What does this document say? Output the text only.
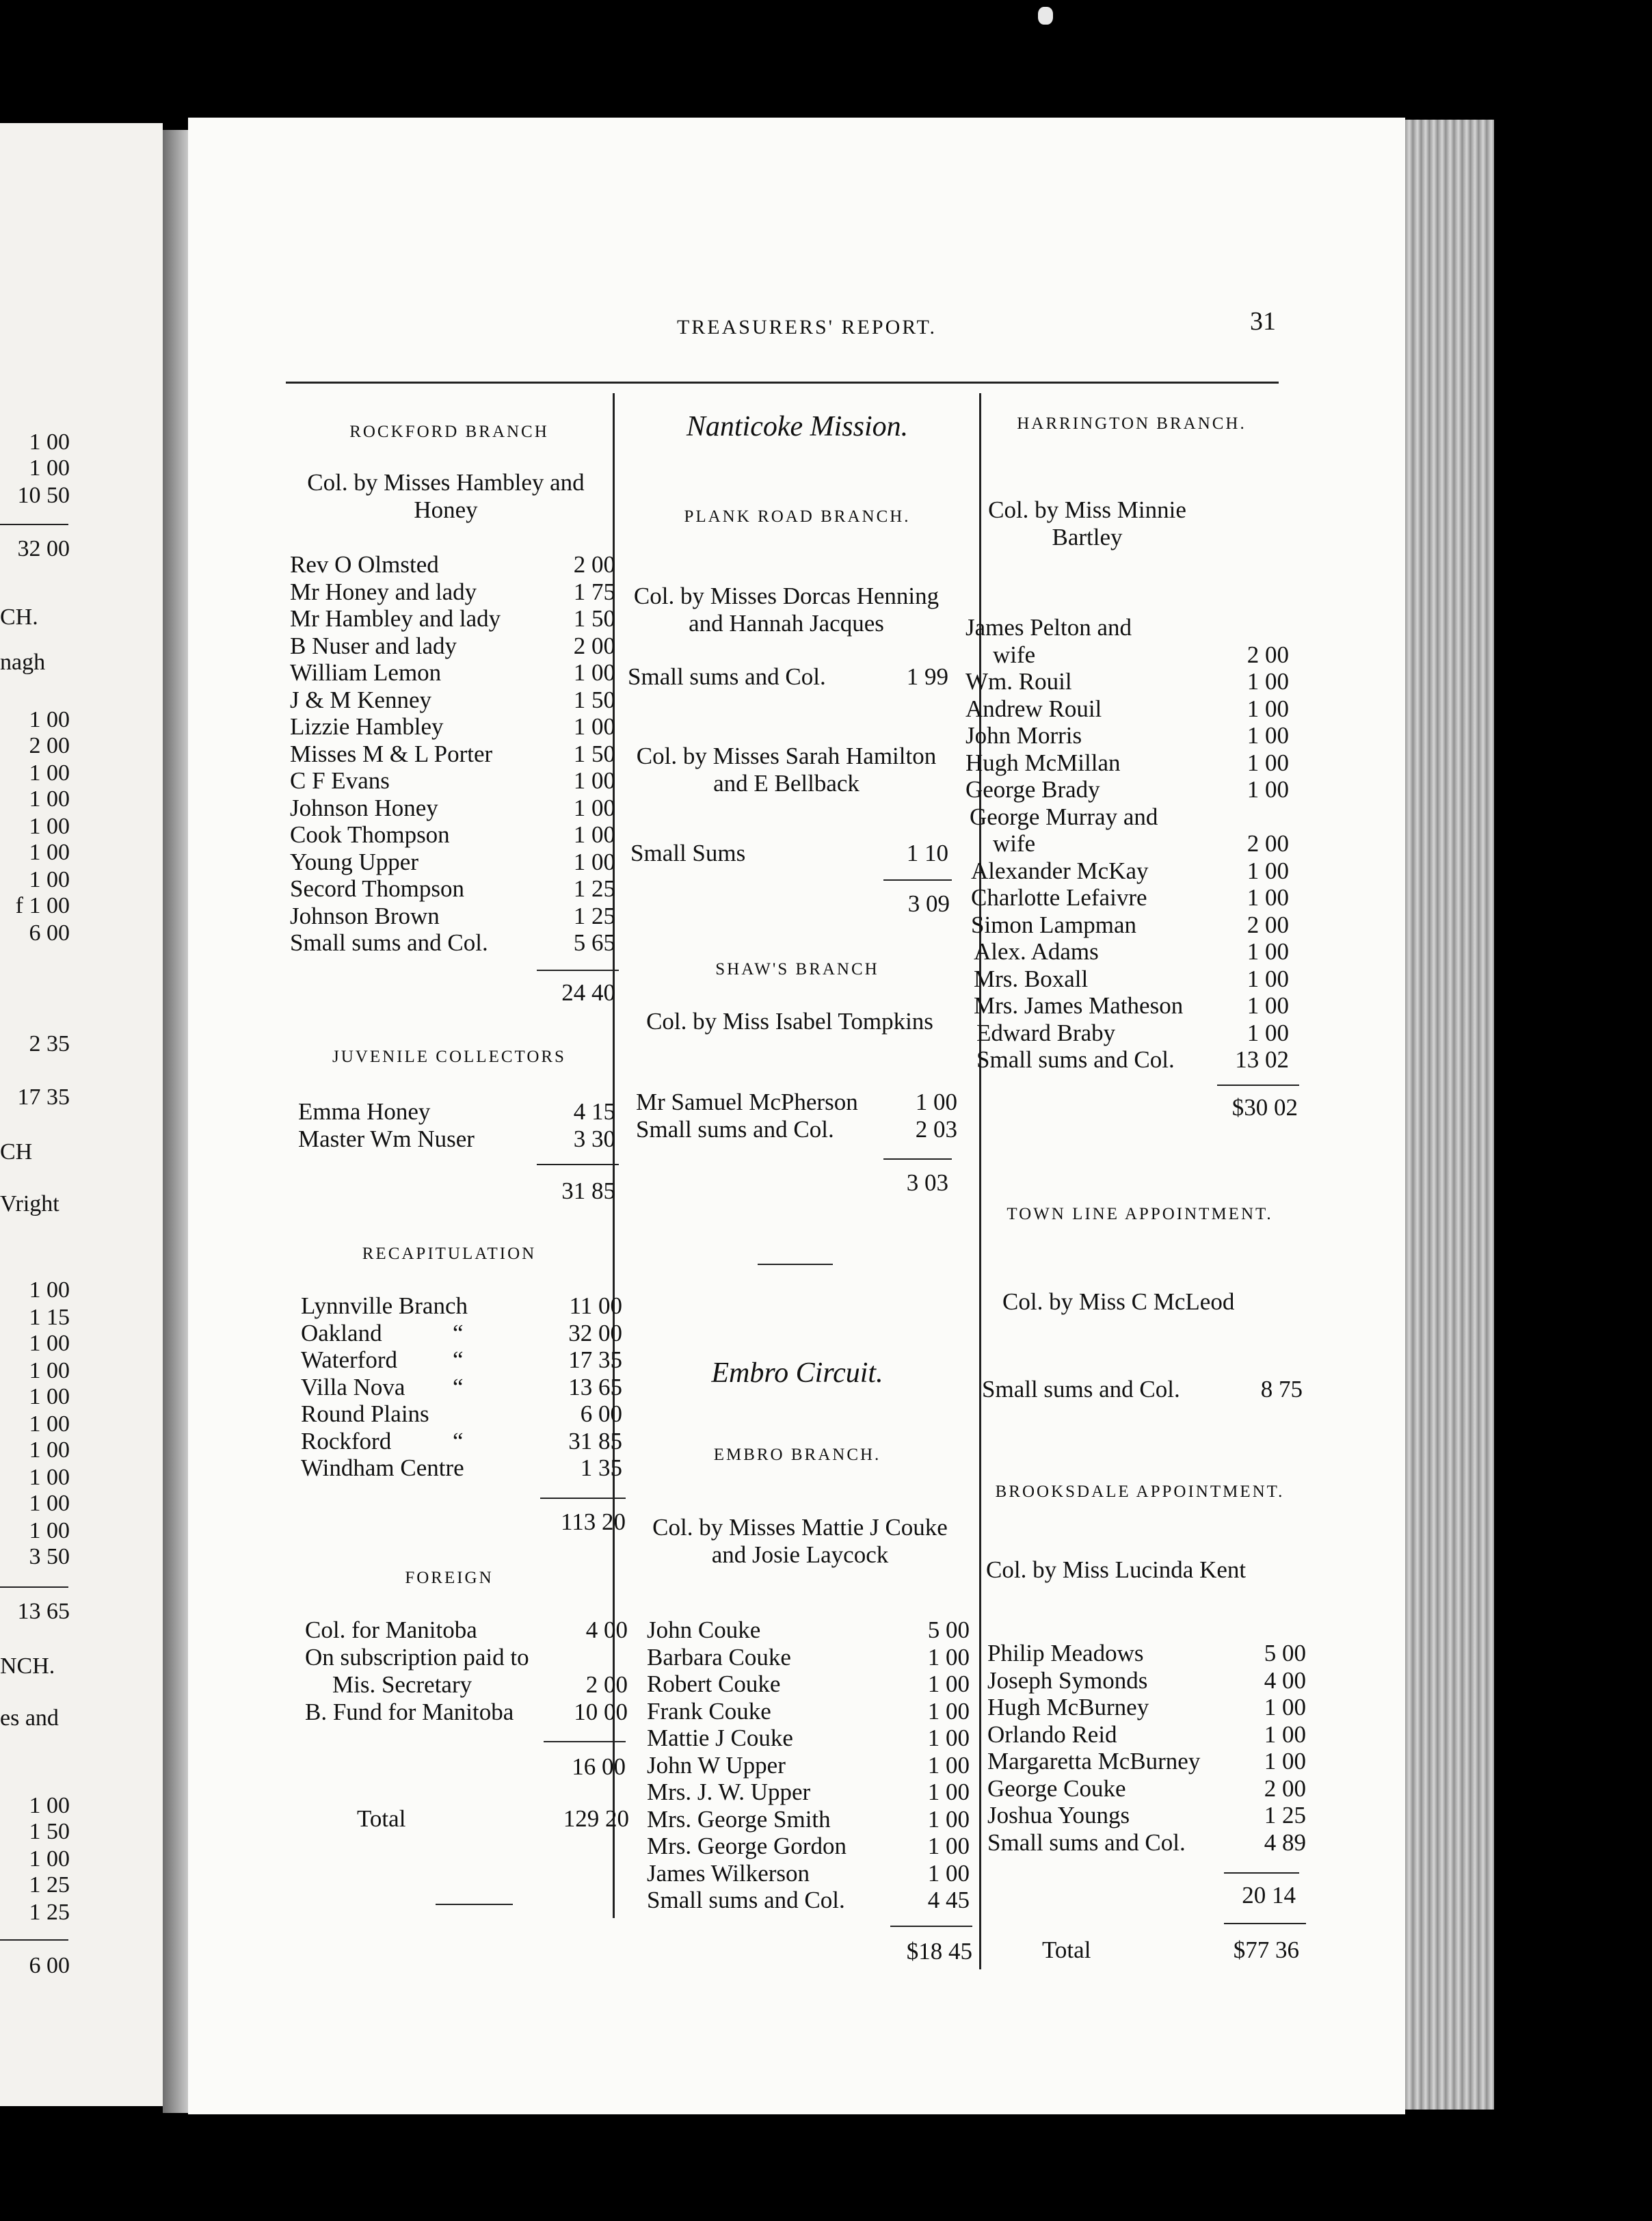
1 00
1 00
10 50
32 00
CH.
nagh
1 00
2 00
1 00
1 00
1 00
1 00
1 00
f 1 00
6 00
2 35
17 35
CH
Vright
1 00
1 15
1 00
1 00
1 00
1 00
1 00
1 00
1 00
1 00
3 50
13 65
NCH.
es and
1 00
1 50
1 00
1 25
1 25
6 00
TREASURERS' REPORT.	31
ROCKFORD BRANCH
Col. by Misses Hambley and Honey
Rev O Olmsted	2 00
Mr Honey and lady	1 75
Mr Hambley and lady	1 50
B Nuser and lady	2 00
William Lemon	1 00
J & M Kenney	1 50
Lizzie Hambley	1 00
Misses M & L Porter	1 50
C F Evans	1 00
Johnson Honey	1 00
Cook Thompson	1 00
Young Upper	1 00
Secord Thompson	1 25
Johnson Brown	1 25
Small sums and Col.	5 65
24 40
JUVENILE COLLECTORS
Emma Honey	4 15
Master Wm Nuser	3 30
31 85
RECAPITULATION
Lynnville Branch	11 00
Oakland	“	32 00
Waterford “	17 35
Villa Nova “	13 65
Round Plains	6 00
Rockford	“	31 85
Windham Centre	1 35
113 20
FOREIGN
Col. for Manitoba	4 00
On subscription paid to
Mis. Secretary	2 00
B. Fund for Manitoba	10 00
16 00
Total	129 20
Nanticoke Mission.
PLANK ROAD BRANCH.
Col. by Misses Dorcas Henning and Hannah Jacques
Small sums and Col.	1 99
Col. by Misses Sarah Hamilton and E Bellback
Small Sums	1 10
3 09
SHAW'S BRANCH
Col. by Miss Isabel Tompkins
Mr Samuel McPherson	1 00
Small sums and Col.	2 03
3 03
Embro Circuit.
EMBRO BRANCH.
Col. by Misses Mattie J Couke and Josie Laycock
John Couke	5 00
Barbara Couke	1 00
Robert Couke	1 00
Frank Couke	1 00
Mattie J Couke	1 00
John W Upper	1 00
Mrs. J. W. Upper	1 00
Mrs. George Smith	1 00
Mrs. George Gordon	1 00
James Wilkerson	1 00
Small sums and Col.	4 45
$18 45
HARRINGTON BRANCH.
Col. by Miss Minnie Bartley
James Pelton and
wife	2 00
Wm. Rouil	1 00
Andrew Rouil	1 00
John Morris	1 00
Hugh McMillan	1 00
George Brady	1 00
George Murray and
wife	2 00
Alexander McKay	1 00
Charlotte Lefaivre	1 00
Simon Lampman	2 00
Alex. Adams	1 00
Mrs. Boxall	1 00
Mrs. James Matheson	1 00
Edward Braby	1 00
Small sums and Col.	13 02
$30 02
TOWN LINE APPOINTMENT.
Col. by Miss C McLeod
Small sums and Col.	8 75
BROOKSDALE APPOINTMENT.
Col. by Miss Lucinda Kent
Philip Meadows	5 00
Joseph Symonds	4 00
Hugh McBurney	1 00
Orlando Reid	1 00
Margaretta McBurney	1 00
George Couke	2 00
Joshua Youngs	1 25
Small sums and Col.	4 89
20 14
Total	$77 36
